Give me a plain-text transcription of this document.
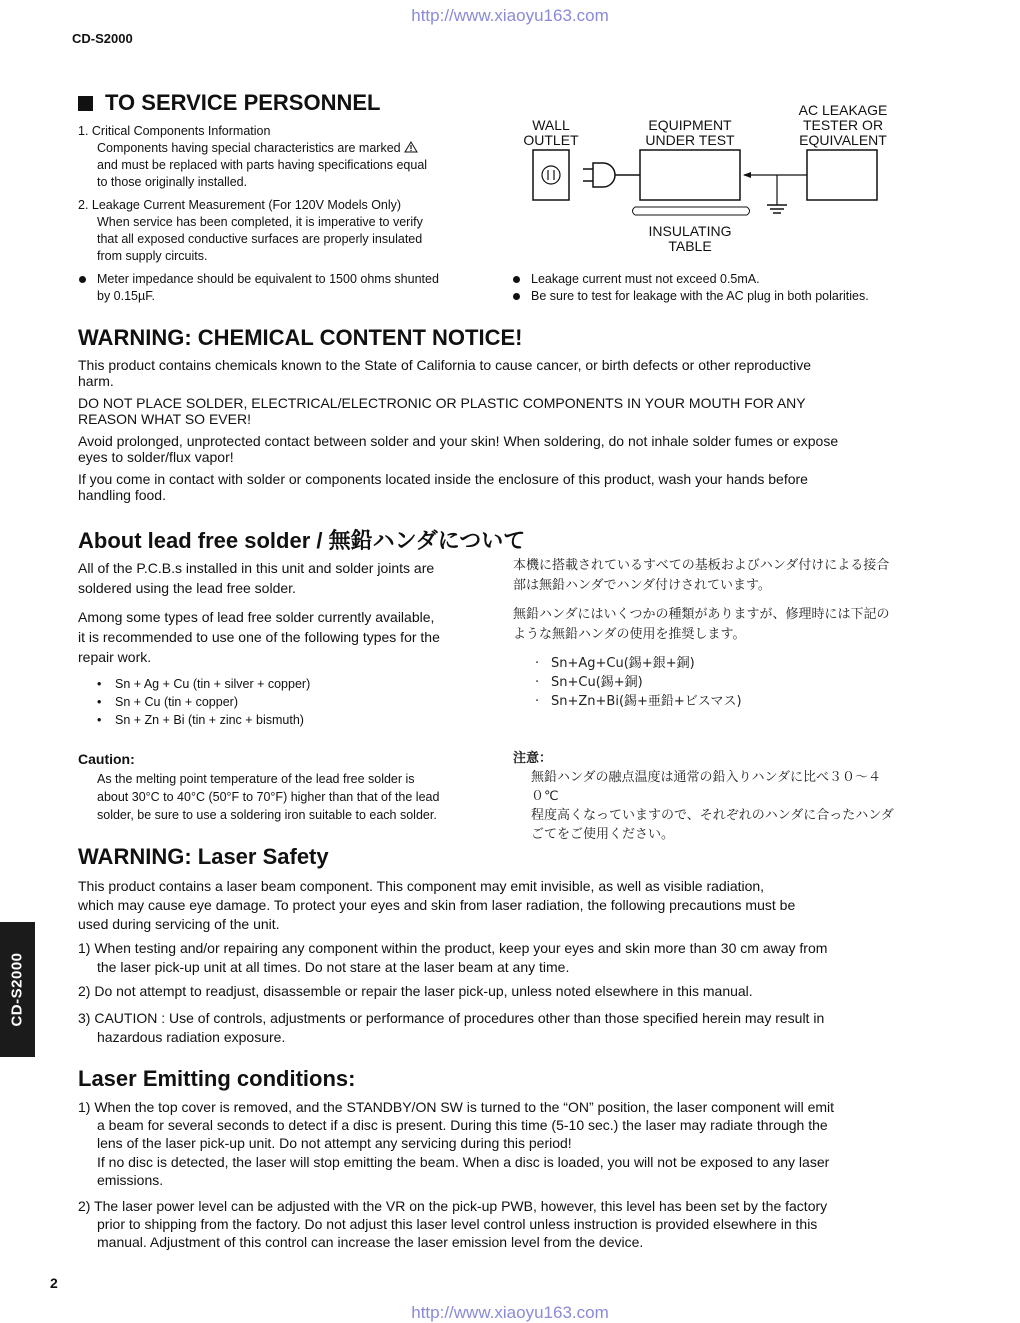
http://www.xiaoyu163.com
CD-S2000
http://www.xiaoyu163.com
2
CD-S2000
TO SERVICE PERSONNEL
1. Critical Components Information
Components having special characteristics are marked
and must be replaced with parts having specifications equal
to those originally installed.
2. Leakage Current Measurement (For 120V Models Only)
When service has been completed, it is imperative to verify
that all exposed conductive surfaces are properly insulated
from supply circuits.
Meter impedance should be equivalent to 1500 ohms shunted
by 0.15µF.
Leakage current must not exceed 0.5mA.
Be sure to test for leakage with the AC plug in both polarities.
WALL
OUTLET
EQUIPMENT
UNDER TEST
AC LEAKAGE
TESTER OR
EQUIVALENT
INSULATING
TABLE
WARNING: CHEMICAL CONTENT NOTICE!
This product contains chemicals known to the State of California to cause cancer, or birth defects or other reproductive
harm.
DO NOT PLACE SOLDER, ELECTRICAL/ELECTRONIC OR PLASTIC COMPONENTS IN YOUR MOUTH FOR ANY
REASON WHAT SO EVER!
Avoid prolonged, unprotected contact between solder and your skin! When soldering, do not inhale solder fumes or expose
eyes to solder/flux vapor!
If you come in contact with solder or components located inside the enclosure of this product, wash your hands before
handling food.
About lead free solder / 無鉛ハンダについて
All of the P.C.B.s installed in this unit and solder joints are
soldered using the lead free solder.
Among some types of lead free solder currently available,
it is recommended to use one of the following types for the
repair work.
• Sn + Ag + Cu (tin + silver + copper)
• Sn + Cu (tin + copper)
• Sn + Zn + Bi (tin + zinc + bismuth)
Caution:
As the melting point temperature of the lead free solder is
about 30°C to 40°C (50°F to 70°F) higher than that of the lead
solder, be sure to use a soldering iron suitable to each solder.
本機に搭載されているすべての基板およびハンダ付けによる接合
部は無鉛ハンダでハンダ付けされています。
無鉛ハンダにはいくつかの種類がありますが、修理時には下記の
ような無鉛ハンダの使用を推奨します。
· Sn+Ag+Cu(錫+銀+銅)
· Sn+Cu(錫+銅)
· Sn+Zn+Bi(錫+亜鉛+ビスマス)
注意：
無鉛ハンダの融点温度は通常の鉛入りハンダに比べ３０〜４０℃
程度高くなっていますので、それぞれのハンダに合ったハンダ
ごてをご使用ください。
WARNING: Laser Safety
This product contains a laser beam component. This component may emit invisible, as well as visible radiation,
which may cause eye damage. To protect your eyes and skin from laser radiation, the following precautions must be
used during servicing of the unit.
1) When testing and/or repairing any component within the product, keep your eyes and skin more than 30 cm away from
the laser pick-up unit at all times. Do not stare at the laser beam at any time.
2) Do not attempt to readjust, disassemble or repair the laser pick-up, unless noted elsewhere in this manual.
3) CAUTION : Use of controls, adjustments or performance of procedures other than those specified herein may result in
hazardous radiation exposure.
Laser Emitting conditions:
1) When the top cover is removed, and the STANDBY/ON SW is turned to the “ON” position, the laser component will emit
a beam for several seconds to detect if a disc is present. During this time (5-10 sec.) the laser may radiate through the
lens of the laser pick-up unit. Do not attempt any servicing during this period!
If no disc is detected, the laser will stop emitting the beam. When a disc is loaded, you will not be exposed to any laser
emissions.
2) The laser power level can be adjusted with the VR on the pick-up PWB, however, this level has been set by the factory
prior to shipping from the factory. Do not adjust this laser level control unless instruction is provided elsewhere in this
manual. Adjustment of this control can increase the laser emission level from the device.
